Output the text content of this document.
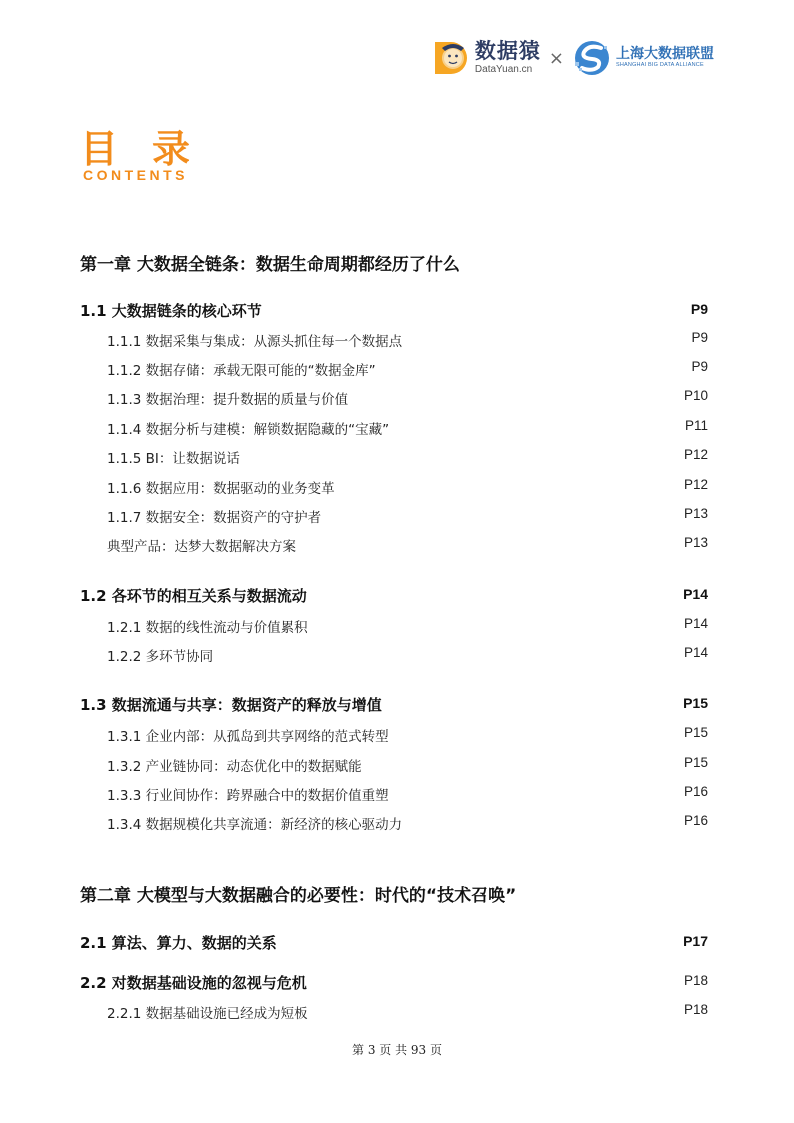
数据猿
DataYuan.cn
×	上海大数据联盟
SHANGHAI BIG DATA ALLIANCE
目录
CONTENTS
第一章 大数据全链条：数据生命周期都经历了什么
1.1 大数据链条的核心环节	P9
1.1.1 数据采集与集成：从源头抓住每一个数据点	P9
1.1.2 数据存储：承载无限可能的“数据金库”	P9
1.1.3 数据治理：提升数据的质量与价值	P10
1.1.4 数据分析与建模：解锁数据隐藏的“宝藏”	P11
1.1.5 BI：让数据说话	P12
1.1.6 数据应用：数据驱动的业务变革	P12
1.1.7 数据安全：数据资产的守护者	P13
典型产品：达梦大数据解决方案	P13
1.2 各环节的相互关系与数据流动	P14
1.2.1 数据的线性流动与价值累积	P14
1.2.2 多环节协同	P14
1.3 数据流通与共享：数据资产的释放与增值	P15
1.3.1 企业内部：从孤岛到共享网络的范式转型	P15
1.3.2 产业链协同：动态优化中的数据赋能	P15
1.3.3 行业间协作：跨界融合中的数据价值重塑	P16
1.3.4 数据规模化共享流通：新经济的核心驱动力	P16
第二章 大模型与大数据融合的必要性：时代的“技术召唤”
2.1 算法、算力、数据的关系	P17
2.2 对数据基础设施的忽视与危机	P18
2.2.1 数据基础设施已经成为短板	P18
第 3 页 共 93 页
